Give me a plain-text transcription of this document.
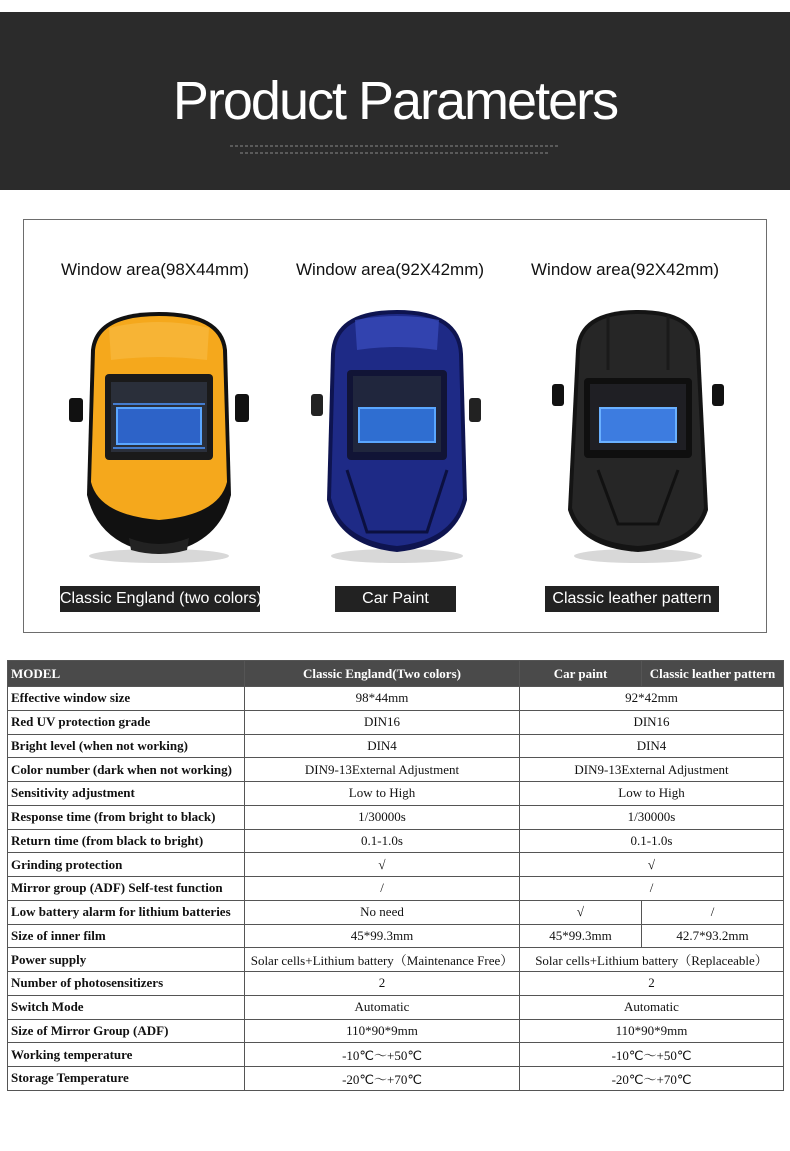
Product Parameters
Window area(98X44mm)	Window area(92X42mm)	Window area(92X42mm)
Classic England (two colors)	Car Paint	Classic leather pattern
MODEL	Classic England(Two colors)	Car paint	Classic leather pattern
Effective window size	98*44mm	92*42mm	
Red UV protection grade	DIN16	DIN16	
Bright level (when not working)	DIN4	DIN4	
Color number (dark when not working)	DIN9-13External Adjustment	DIN9-13External Adjustment	
Sensitivity adjustment	Low to High	Low to High	
Response time (from bright to black)	1/30000s	1/30000s	
Return time (from black to bright)	0.1-1.0s	0.1-1.0s	
Grinding protection	√	√	
Mirror group (ADF) Self-test function	/	/	
Low battery alarm for lithium batteries	No need	√	/
Size of inner film	45*99.3mm	45*99.3mm	42.7*93.2mm
Power supply	Solar cells+Lithium battery（Maintenance Free）	Solar cells+Lithium battery（Replaceable）	
Number of photosensitizers	2	2	
Switch Mode	Automatic	Automatic	
Size of Mirror Group (ADF)	110*90*9mm	110*90*9mm	
Working temperature	-10℃～+50℃	-10℃～+50℃	
Storage Temperature	-20℃～+70℃	-20℃～+70℃	
